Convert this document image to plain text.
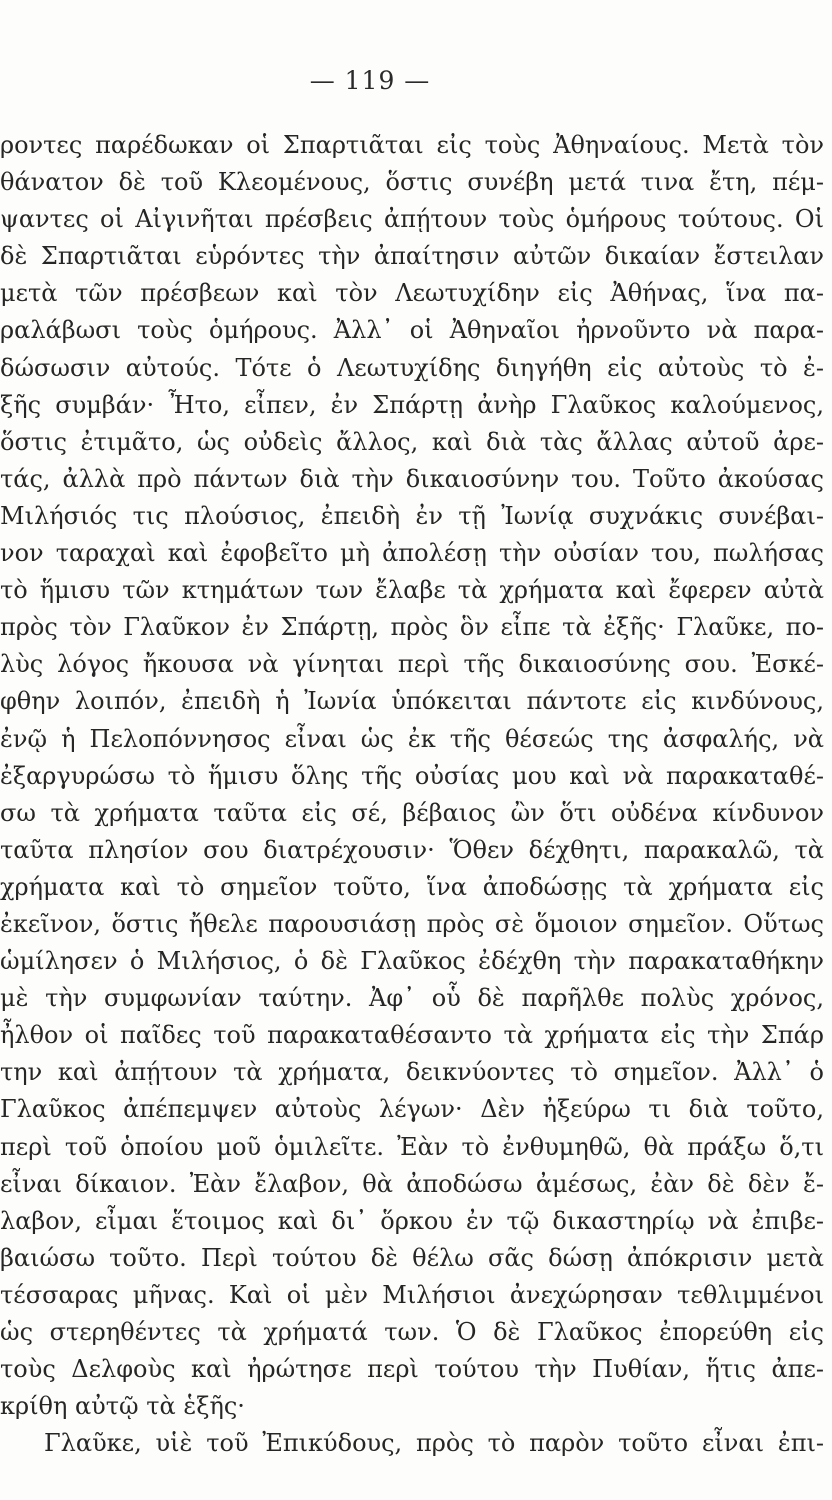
— 119 —
ροντες παρέδωκαν οἱ Σπαρτιᾶται εἰς τοὺς Ἀθηναίους. Μετὰ τὸν
θάνατον δὲ τοῦ Κλεομένους, ὅστις συνέβη μετά τινα ἔτη, πέμ-
ψαντες οἱ Αἰγινῆται πρέσβεις ἀπῄτουν τοὺς ὁμήρους τούτους. Οἱ
δὲ Σπαρτιᾶται εὑρόντες τὴν ἀπαίτησιν αὐτῶν δικαίαν ἔστειλαν
μετὰ τῶν πρέσβεων καὶ τὸν Λεωτυχίδην εἰς Ἀθήνας, ἵνα πα-
ραλάβωσι τοὺς ὁμήρους. Ἀλλ᾽ οἱ Ἀθηναῖοι ἠρνοῦντο νὰ παρα-
δώσωσιν αὐτούς. Τότε ὁ Λεωτυχίδης διηγήθη εἰς αὐτοὺς τὸ ἐ-
ξῆς συμβάν· Ἦτο, εἶπεν, ἐν Σπάρτῃ ἀνὴρ Γλαῦκος καλούμενος,
ὅστις ἐτιμᾶτο, ὡς οὐδεὶς ἄλλος, καὶ διὰ τὰς ἄλλας αὐτοῦ ἀρε-
τάς, ἀλλὰ πρὸ πάντων διὰ τὴν δικαιοσύνην του. Τοῦτο ἀκούσας
Μιλήσιός τις πλούσιος, ἐπειδὴ ἐν τῇ Ἰωνίᾳ συχνάκις συνέβαι-
νον ταραχαὶ καὶ ἐφοβεῖτο μὴ ἀπολέσῃ τὴν οὐσίαν του, πωλήσας
τὸ ἥμισυ τῶν κτημάτων των ἔλαβε τὰ χρήματα καὶ ἔφερεν αὐτὰ
πρὸς τὸν Γλαῦκον ἐν Σπάρτῃ, πρὸς ὃν εἶπε τὰ ἐξῆς· Γλαῦκε, πο-
λὺς λόγος ἤκουσα νὰ γίνηται περὶ τῆς δικαιοσύνης σου. Ἐσκέ-
φθην λοιπόν, ἐπειδὴ ἡ Ἰωνία ὑπόκειται πάντοτε εἰς κινδύνους,
ἐνῷ ἡ Πελοπόννησος εἶναι ὡς ἐκ τῆς θέσεώς της ἀσφαλής, νὰ
ἐξαργυρώσω τὸ ἥμισυ ὅλης τῆς οὐσίας μου καὶ νὰ παρακαταθέ-
σω τὰ χρήματα ταῦτα εἰς σέ, βέβαιος ὢν ὅτι οὐδένα κίνδυνον
ταῦτα πλησίον σου διατρέχουσιν· Ὅθεν δέχθητι, παρακαλῶ, τὰ
χρήματα καὶ τὸ σημεῖον τοῦτο, ἵνα ἀποδώσῃς τὰ χρήματα εἰς
ἐκεῖνον, ὅστις ἤθελε παρουσιάσῃ πρὸς σὲ ὅμοιον σημεῖον. Οὕτως
ὡμίλησεν ὁ Μιλήσιος, ὁ δὲ Γλαῦκος ἐδέχθη τὴν παρακαταθήκην
μὲ τὴν συμφωνίαν ταύτην. Ἀφ᾽ οὗ δὲ παρῆλθε πολὺς χρόνος,
ἦλθον οἱ παῖδες τοῦ παρακαταθέσαντο τὰ χρήματα εἰς τὴν Σπάρ
την καὶ ἀπῄτουν τὰ χρήματα, δεικνύοντες τὸ σημεῖον. Ἀλλ᾽ ὁ
Γλαῦκος ἀπέπεμψεν αὐτοὺς λέγων· Δὲν ἠξεύρω τι διὰ τοῦτο,
περὶ τοῦ ὁποίου μοῦ ὁμιλεῖτε. Ἐὰν τὸ ἐνθυμηθῶ, θὰ πράξω ὅ,τι
εἶναι δίκαιον. Ἐὰν ἔλαβον, θὰ ἀποδώσω ἀμέσως, ἐὰν δὲ δὲν ἔ-
λαβον, εἶμαι ἕτοιμος καὶ δι᾽ ὅρκου ἐν τῷ δικαστηρίῳ νὰ ἐπιβε-
βαιώσω τοῦτο. Περὶ τούτου δὲ θέλω σᾶς δώσῃ ἀπόκρισιν μετὰ
τέσσαρας μῆνας. Καὶ οἱ μὲν Μιλήσιοι ἀνεχώρησαν τεθλιμμένοι
ὡς στερηθέντες τὰ χρήματά των. Ὁ δὲ Γλαῦκος ἐπορεύθη εἰς
τοὺς Δελφοὺς καὶ ἠρώτησε περὶ τούτου τὴν Πυθίαν, ἥτις ἀπε-
κρίθη αὐτῷ τὰ ἑξῆς·
Γλαῦκε, υἱὲ τοῦ Ἐπικύδους, πρὸς τὸ παρὸν τοῦτο εἶναι ἐπι-
